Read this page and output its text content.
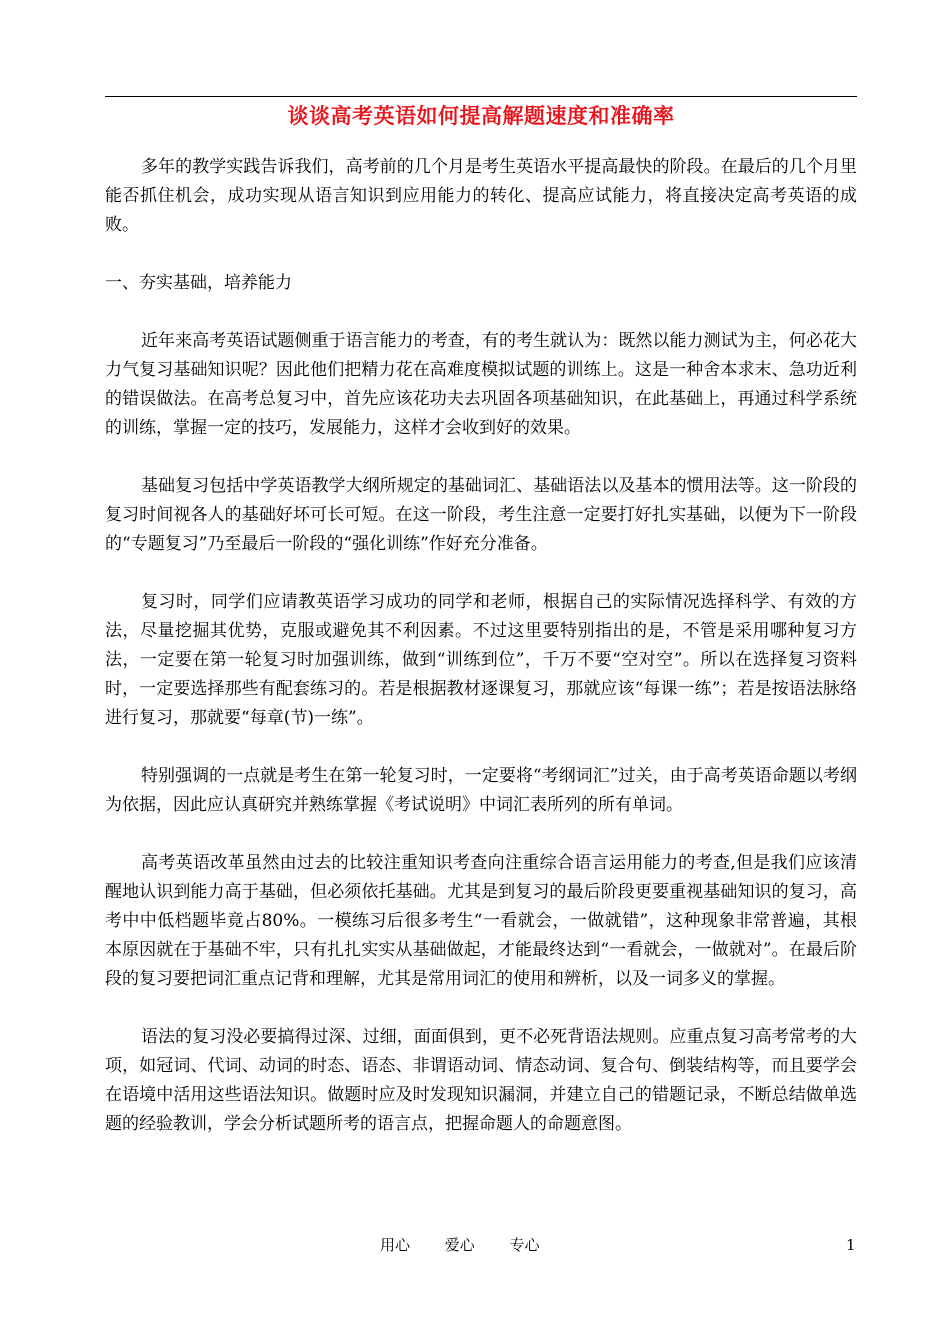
谈谈高考英语如何提高解题速度和准确率

多年的教学实践告诉我们，高考前的几个月是考生英语水平提高最快的阶段。在最后的几个月里能否抓住机会，成功实现从语言知识到应用能力的转化、提高应试能力，将直接决定高考英语的成败。

一、夯实基础，培养能力

近年来高考英语试题侧重于语言能力的考查，有的考生就认为：既然以能力测试为主，何必花大力气复习基础知识呢？因此他们把精力花在高难度模拟试题的训练上。这是一种舍本求末、急功近利的错误做法。在高考总复习中，首先应该花功夫去巩固各项基础知识，在此基础上，再通过科学系统的训练，掌握一定的技巧，发展能力，这样才会收到好的效果。

基础复习包括中学英语教学大纲所规定的基础词汇、基础语法以及基本的惯用法等。这一阶段的复习时间视各人的基础好坏可长可短。在这一阶段，考生注意一定要打好扎实基础，以便为下一阶段的“专题复习”乃至最后一阶段的“强化训练”作好充分准备。

复习时，同学们应请教英语学习成功的同学和老师，根据自己的实际情况选择科学、有效的方法，尽量挖掘其优势，克服或避免其不利因素。不过这里要特别指出的是，不管是采用哪种复习方法，一定要在第一轮复习时加强训练，做到“训练到位”，千万不要“空对空”。所以在选择复习资料时，一定要选择那些有配套练习的。若是根据教材逐课复习，那就应该“每课一练”；若是按语法脉络进行复习，那就要“每章(节)一练”。

特别强调的一点就是考生在第一轮复习时，一定要将“考纲词汇”过关，由于高考英语命题以考纲为依据，因此应认真研究并熟练掌握《考试说明》中词汇表所列的所有单词。

高考英语改革虽然由过去的比较注重知识考查向注重综合语言运用能力的考查,但是我们应该清醒地认识到能力高于基础，但必须依托基础。尤其是到复习的最后阶段更要重视基础知识的复习，高考中中低档题毕竟占80%。一模练习后很多考生“一看就会，一做就错”，这种现象非常普遍，其根本原因就在于基础不牢，只有扎扎实实从基础做起，才能最终达到“一看就会，一做就对”。在最后阶段的复习要把词汇重点记背和理解，尤其是常用词汇的使用和辨析，以及一词多义的掌握。

语法的复习没必要搞得过深、过细，面面俱到，更不必死背语法规则。应重点复习高考常考的大项，如冠词、代词、动词的时态、语态、非谓语动词、情态动词、复合句、倒装结构等，而且要学会在语境中活用这些语法知识。做题时应及时发现知识漏洞，并建立自己的错题记录，不断总结做单选题的经验教训，学会分析试题所考的语言点，把握命题人的命题意图。

用心 爱心 专心	1
